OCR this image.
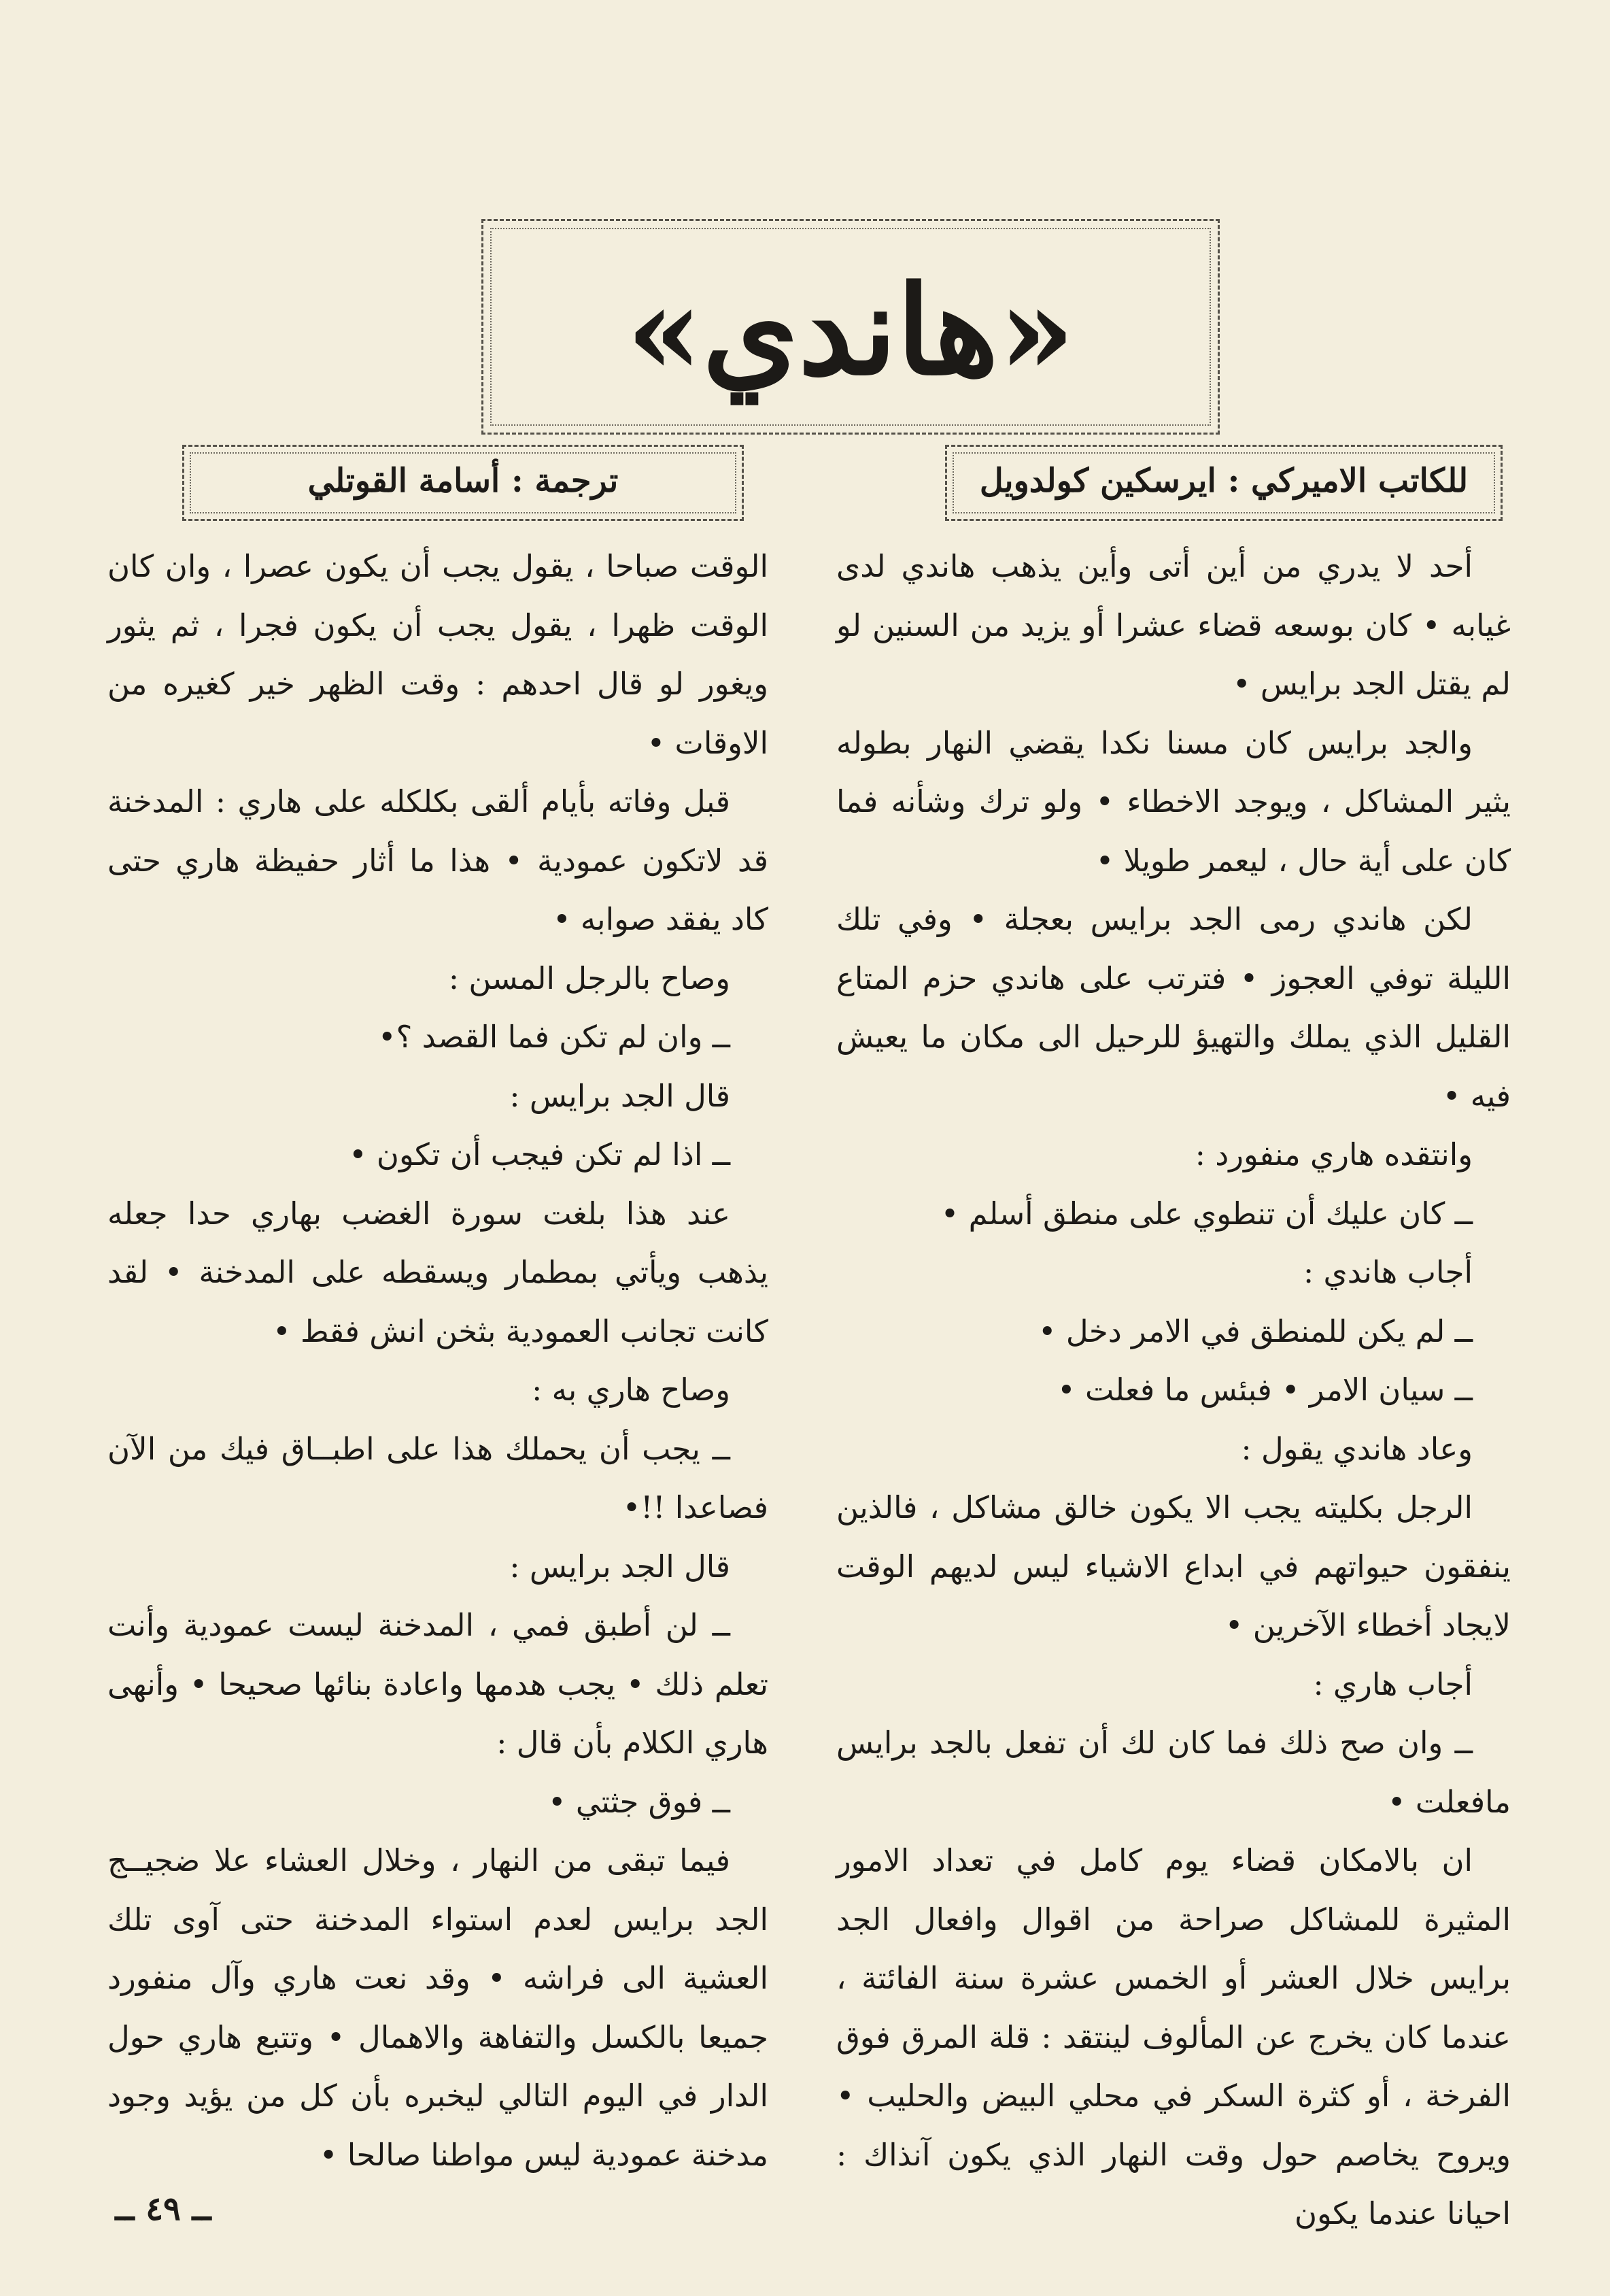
«هاندي»
للكاتب الاميركي : ايرسكين كولدويل
ترجمة : أسامة القوتلي

أحد لا يدري من أين أتى وأين يذهب هاندي لدى غيابه • كان بوسعه قضاء عشرا أو يزيد من السنين لو لم يقتل الجد برايس •

والجد برايس كان مسنا نكدا يقضي النهار بطوله يثير المشاكل ، ويوجد الاخطاء • ولو ترك وشأنه فما كان على أية حال ، ليعمر طويلا •

لكن هاندي رمى الجد برايس بعجلة • وفي تلك الليلة توفي العجوز • فترتب على هاندي حزم المتاع القليل الذي يملك والتهيؤ للرحيل الى مكان ما يعيش فيه •

وانتقده هاري منفورد :

ــ كان عليك أن تنطوي على منطق أسلم •

أجاب هاندي :

ــ لم يكن للمنطق في الامر دخل •

ــ سيان الامر • فبئس ما فعلت •

وعاد هاندي يقول :

الرجل بكليته يجب الا يكون خالق مشاكل ، فالذين ينفقون حيواتهم في ابداع الاشياء ليس لديهم الوقت لايجاد أخطاء الآخرين •

أجاب هاري :

ــ وان صح ذلك فما كان لك أن تفعل بالجد برايس مافعلت •

ان بالامكان قضاء يوم كامل في تعداد الامور المثيرة للمشاكل صراحة من اقوال وافعال الجد برايس خلال العشر أو الخمس عشرة سنة الفائتة ، عندما كان يخرج عن المألوف لينتقد : قلة المرق فوق الفرخة ، أو كثرة السكر في محلي البيض والحليب • ويروح يخاصم حول وقت النهار الذي يكون آنذاك : احيانا عندما يكون

الوقت صباحا ، يقول يجب أن يكون عصرا ، وان كان الوقت ظهرا ، يقول يجب أن يكون فجرا ، ثم يثور ويغور لو قال احدهم : وقت الظهر خير كغيره من الاوقات •

قبل وفاته بأيام ألقى بكلكله على هاري : المدخنة قد لاتكون عمودية • هذا ما أثار حفيظة هاري حتى كاد يفقد صوابه •

وصاح بالرجل المسن :

ــ وان لم تكن فما القصد ؟•

قال الجد برايس :

ــ اذا لم تكن فيجب أن تكون •

عند هذا بلغت سورة الغضب بهاري حدا جعله يذهب ويأتي بمطمار ويسقطه على المدخنة • لقد كانت تجانب العمودية بثخن انش فقط •

وصاح هاري به :

ــ يجب أن يحملك هذا على اطبــاق فيك من الآن فصاعدا !!•

قال الجد برايس :

ــ لن أطبق فمي ، المدخنة ليست عمودية وأنت تعلم ذلك • يجب هدمها واعادة بنائها صحيحا • وأنهى هاري الكلام بأن قال :

ــ فوق جثتي •

فيما تبقى من النهار ، وخلال العشاء علا ضجيــج الجد برايس لعدم استواء المدخنة حتى آوى تلك العشية الى فراشه • وقد نعت هاري وآل منفورد جميعا بالكسل والتفاهة والاهمال • وتتبع هاري حول الدار في اليوم التالي ليخبره بأن كل من يؤيد وجود مدخنة عمودية ليس مواطنا صالحا •

ــ ٤٩ ــ
